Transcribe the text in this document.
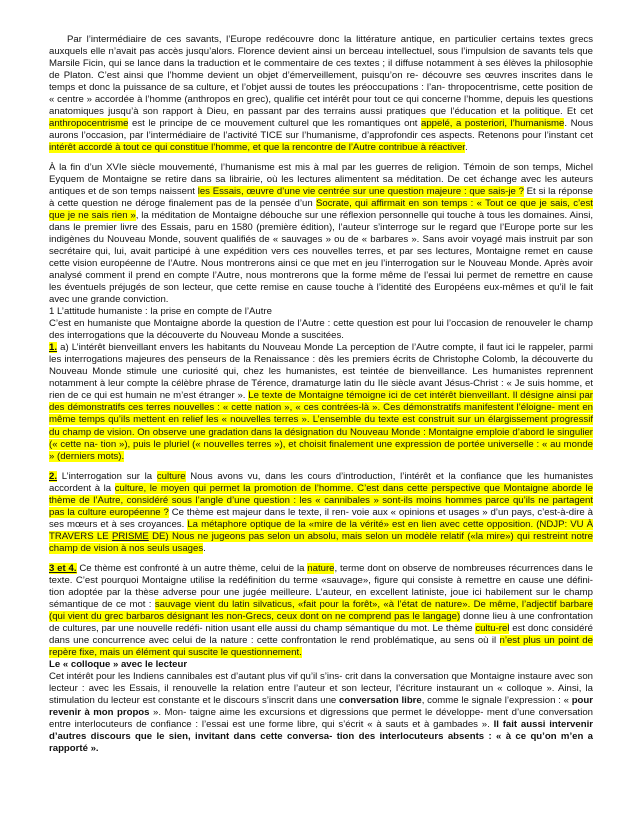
Par l’intermédiaire de ces savants, l’Europe redécouvre donc la littérature antique, en particulier certains textes grecs auxquels elle n’avait pas accès jusqu’alors. Florence devient ainsi un berceau intellectuel, sous l’impulsion de savants tels que Marsile Ficin, qui se lance dans la traduction et le commentaire de ces textes ; il diffuse notamment à ses élèves la philosophie de Platon. C’est ainsi que l’homme devient un objet d’émerveillement, puisqu’on re- découvre ses œuvres inscrites dans le temps et donc la puissance de sa culture, et l’objet aussi de toutes les préoccupations : l’an- thropocentrisme, cette position de « centre » accordée à l’homme (anthropos en grec), qualifie cet intérêt pour tout ce qui concerne l’homme, depuis les questions anatomiques jusqu’à son rapport à Dieu, en passant par des terrains aussi pratiques que l’éducation et la politique. Et cet anthropocentrisme est le principe de ce mouvement culturel que les romantiques ont appelé, a posteriori, l’humanisme. Nous aurons l’occasion, par l’intermédiaire de l’activité TICE sur l’humanisme, d’approfondir ces aspects. Retenons pour l’instant cet intérêt accordé à tout ce qui constitue l’homme, et que la rencontre de l’Autre contribue à réactiver.

À la fin d’un XVIe siècle mouvementé, l’humanisme est mis à mal par les guerres de religion. Témoin de son temps, Michel Eyquem de Montaigne se retire dans sa librairie, où les lectures alimentent sa méditation. De cet échange avec les auteurs antiques et de son temps naissent les Essais, œuvre d’une vie centrée sur une question majeure : que sais-je ? Et si la réponse à cette question ne déroge finalement pas de la pensée d’un Socrate, qui affirmait en son temps : « Tout ce que je sais, c’est que je ne sais rien », la méditation de Montaigne débouche sur une réflexion personnelle qui touche à tous les domaines. Ainsi, dans le premier livre des Essais, paru en 1580 (première édition), l’auteur s’interroge sur le regard que l’Europe porte sur les indigènes du Nouveau Monde, souvent qualifiés de « sauvages » ou de « barbares ». Sans avoir voyagé mais instruit par son secrétaire qui, lui, avait participé à une expédition vers ces nouvelles terres, et par ses lectures, Montaigne remet en cause cette vision européenne de l’Autre. Nous montrerons ainsi ce que met en jeu l’interrogation sur le Nouveau Monde. Après avoir analysé comment il prend en compte l’Autre, nous montrerons que la forme même de l’essai lui permet de remettre en cause les éventuels préjugés de son lecteur, que cette remise en cause touche à l’identité des Européens eux-mêmes et qu’il le fait avec une grande conviction.

1 L’attitude humaniste : la prise en compte de l’Autre

C’est en humaniste que Montaigne aborde la question de l’Autre : cette question est pour lui l’occasion de renouveler le champ des interrogations que la découverte du Nouveau Monde a suscitées.

1. a) L’intérêt bienveillant envers les habitants du Nouveau Monde La perception de l’Autre compte, il faut ici le rappeler, parmi les interrogations majeures des penseurs de la Renaissance : dès les premiers écrits de Christophe Colomb, la découverte du Nouveau Monde stimule une curiosité qui, chez les humanistes, est teintée de bienveillance. Les humanistes reprennent notamment à leur compte la célèbre phrase de Térence, dramaturge latin du IIe siècle avant Jésus-Christ : « Je suis homme, et rien de ce qui est humain ne m’est étranger ». Le texte de Montaigne témoigne ici de cet intérêt bienveillant. Il désigne ainsi par des démonstratifs ces terres nouvelles : « cette nation », « ces contrées-là ». Ces démonstratifs manifestent l’éloigne- ment en même temps qu’ils mettent en relief les « nouvelles terres ». L’ensemble du texte est construit sur un élargissement progressif du champ de vision. On observe une gradation dans la désignation du Nouveau Monde : Montaigne emploie d’abord le singulier (« cette na- tion »), puis le pluriel (« nouvelles terres »), et choisit finalement une expression de portée universelle : « au monde » (derniers mots).

2. L’interrogation sur la culture Nous avons vu, dans les cours d’introduction, l’intérêt et la confiance que les humanistes accordent à la culture, le moyen qui permet la promotion de l’homme. C’est dans cette perspective que Montaigne aborde le thème de l’Autre, considéré sous l’angle d’une question : les « cannibales » sont-ils moins hommes parce qu’ils ne partagent pas la culture européenne ? Ce thème est majeur dans le texte, il ren- voie aux « opinions et usages » d’un pays, c’est-à-dire à ses mœurs et à ses croyances. La métaphore optique de la «mire de la vérité» est en lien avec cette opposition. (NDJP: VU À TRAVERS LE PRISME DE) Nous ne jugeons pas selon un absolu, mais selon un modèle relatif («la mire») qui restreint notre champ de vision à nos seuls usages.

3 et 4. Ce thème est confronté à un autre thème, celui de la nature, terme dont on observe de nombreuses récurrences dans le texte. C’est pourquoi Montaigne utilise la redéfinition du terme «sauvage», figure qui consiste à remettre en cause une défini- tion adoptée par la thèse adverse pour une jugée meilleure. L’auteur, en excellent latiniste, joue ici habilement sur le champ sémantique de ce mot : sauvage vient du latin silvaticus, «fait pour la forêt», «à l’état de nature». De même, l’adjectif barbare (qui vient du grec barbaros désignant les non-Grecs, ceux dont on ne comprend pas le langage) donne lieu à une confrontation de cultures, par une nouvelle redéfi- nition usant elle aussi du champ sémantique du mot. Le thème cultu-rel est donc considéré dans une concurrence avec celui de la nature : cette confrontation le rend problématique, au sens où il n’est plus un point de repère fixe, mais un élément qui suscite le questionnement.

Le « colloque » avec le lecteur

Cet intérêt pour les Indiens cannibales est d’autant plus vif qu’il s’ins- crit dans la conversation que Montaigne instaure avec son lecteur : avec les Essais, il renouvelle la relation entre l’auteur et son lecteur, l’écriture instaurant un « colloque ». Ainsi, la stimulation du lecteur est constante et le discours s’inscrit dans une conversation libre, comme le signale l’expression : « pour revenir à mon propos ». Mon- taigne aime les excursions et digressions que permet le développe- ment d’une conversation entre interlocuteurs de confiance : l’essai est une forme libre, qui s’écrit « à sauts et à gambades ». Il fait aussi intervenir d’autres discours que le sien, invitant dans cette conversa- tion des interlocuteurs absents : « à ce qu’on m’en a rapporté ».
